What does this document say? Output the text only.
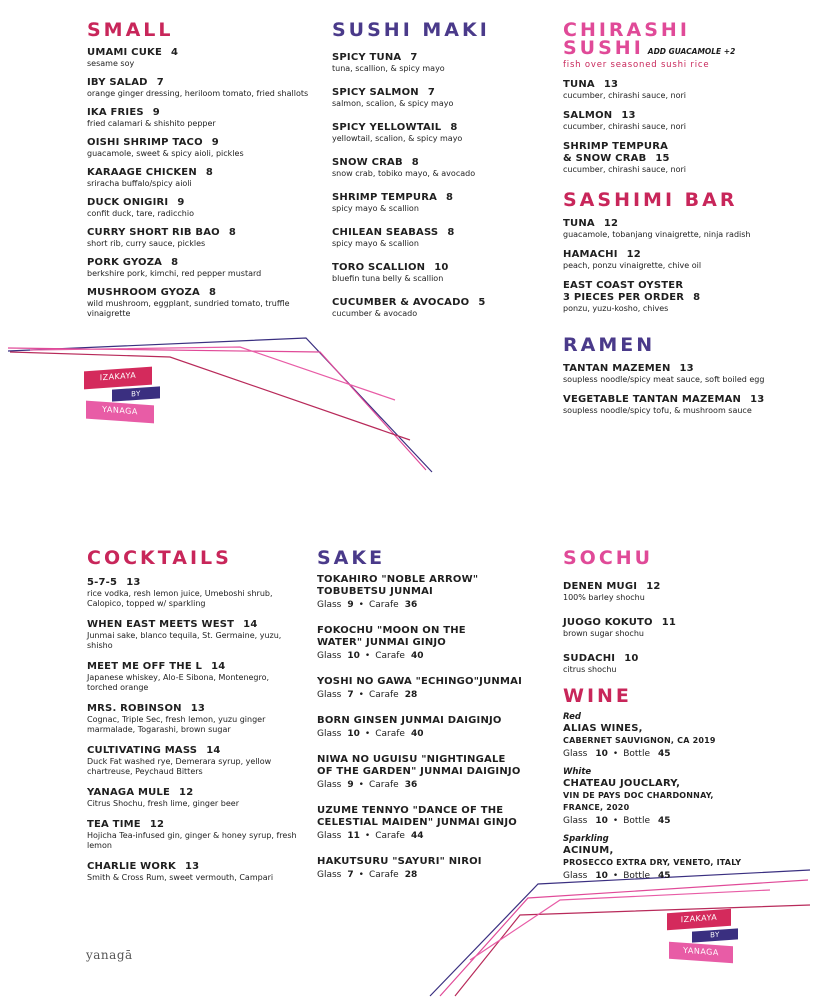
IZAKAYA
BY
YANAGA
IZAKAYA
BY
YANAGA
yanagā
SMALL
UMAMI CUKE 4
sesame soy
IBY SALAD 7
orange ginger dressing, heriloom tomato, fried shallots
IKA FRIES 9
fried calamari & shishito pepper
OISHI SHRIMP TACO 9
guacamole, sweet & spicy aioli, pickles
KARAAGE CHICKEN 8
sriracha buffalo/spicy aioli
DUCK ONIGIRI 9
confit duck, tare, radicchio
CURRY SHORT RIB BAO 8
short rib, curry sauce, pickles
PORK GYOZA 8
berkshire pork, kimchi, red pepper mustard
MUSHROOM GYOZA 8
wild mushroom, eggplant, sundried tomato, truffle vinaigrette
SUSHI MAKI
SPICY TUNA 7
tuna, scallion, & spicy mayo
SPICY SALMON 7
salmon, scalion, & spicy mayo
SPICY YELLOWTAIL 8
yellowtail, scalion, & spicy mayo
SNOW CRAB 8
snow crab, tobiko mayo, & avocado
SHRIMP TEMPURA 8
spicy mayo & scallion
CHILEAN SEABASS 8
spicy mayo & scallion
TORO SCALLION 10
bluefin tuna belly & scallion
CUCUMBER & AVOCADO 5
cucumber & avocado
CHIRASHI
SUSHI ADD GUACAMOLE +2
fish over seasoned sushi rice
TUNA 13
cucumber, chirashi sauce, nori
SALMON 13
cucumber, chirashi sauce, nori
SHRIMP TEMPURA
& SNOW CRAB 15
cucumber, chirashi sauce, nori
SASHIMI BAR
TUNA 12
guacamole, tobanjang vinaigrette, ninja radish
HAMACHI 12
peach, ponzu vinaigrette, chive oil
EAST COAST OYSTER
3 PIECES PER ORDER 8
ponzu, yuzu-kosho, chives
RAMEN
TANTAN MAZEMEN 13
soupless noodle/spicy meat sauce, soft boiled egg
VEGETABLE TANTAN MAZEMAN 13
soupless noodle/spicy tofu, & mushroom sauce
COCKTAILS
5-7-5 13
rice vodka, resh lemon juice, Umeboshi shrub, Calopico, topped w/ sparkling
WHEN EAST MEETS WEST 14
Junmai sake, blanco tequila, St. Germaine, yuzu, shisho
MEET ME OFF THE L 14
Japanese whiskey, Alo-E Sibona, Montenegro, torched orange
MRS. ROBINSON 13
Cognac, Triple Sec, fresh lemon, yuzu ginger marmalade, Togarashi, brown sugar
CULTIVATING MASS 14
Duck Fat washed rye, Demerara syrup, yellow chartreuse, Peychaud Bitters
YANAGA MULE 12
Citrus Shochu, fresh lime, ginger beer
TEA TIME 12
Hojicha Tea-infused gin, ginger & honey syrup, fresh lemon
CHARLIE WORK 13
Smith & Cross Rum, sweet vermouth, Campari
SAKE
TOKAHIRO "NOBLE ARROW"
TOBUBETSU JUNMAI
Glass 9 • Carafe 36
FOKOCHU "MOON ON THE
WATER" JUNMAI GINJO
Glass 10 • Carafe 40
YOSHI NO GAWA "ECHINGO"JUNMAI
Glass 7 • Carafe 28
BORN GINSEN JUNMAI DAIGINJO
Glass 10 • Carafe 40
NIWA NO UGUISU "NIGHTINGALE
OF THE GARDEN" JUNMAI DAIGINJO
Glass 9 • Carafe 36
UZUME TENNYO "DANCE OF THE
CELESTIAL MAIDEN" JUNMAI GINJO
Glass 11 • Carafe 44
HAKUTSURU "SAYURI" NIROI
Glass 7 • Carafe 28
SOCHU
DENEN MUGI 12
100% barley shochu
JUOGO KOKUTO 11
brown sugar shochu
SUDACHI 10
citrus shochu
WINE
Red
ALIAS WINES,
CABERNET SAUVIGNON, CA 2019
Glass 10 • Bottle 45
White
CHATEAU JOUCLARY,
VIN DE PAYS DOC CHARDONNAY,
FRANCE, 2020
Glass 10 • Bottle 45
Sparkling
ACINUM,
PROSECCO EXTRA DRY, VENETO, ITALY
Glass 10 • Bottle 45
